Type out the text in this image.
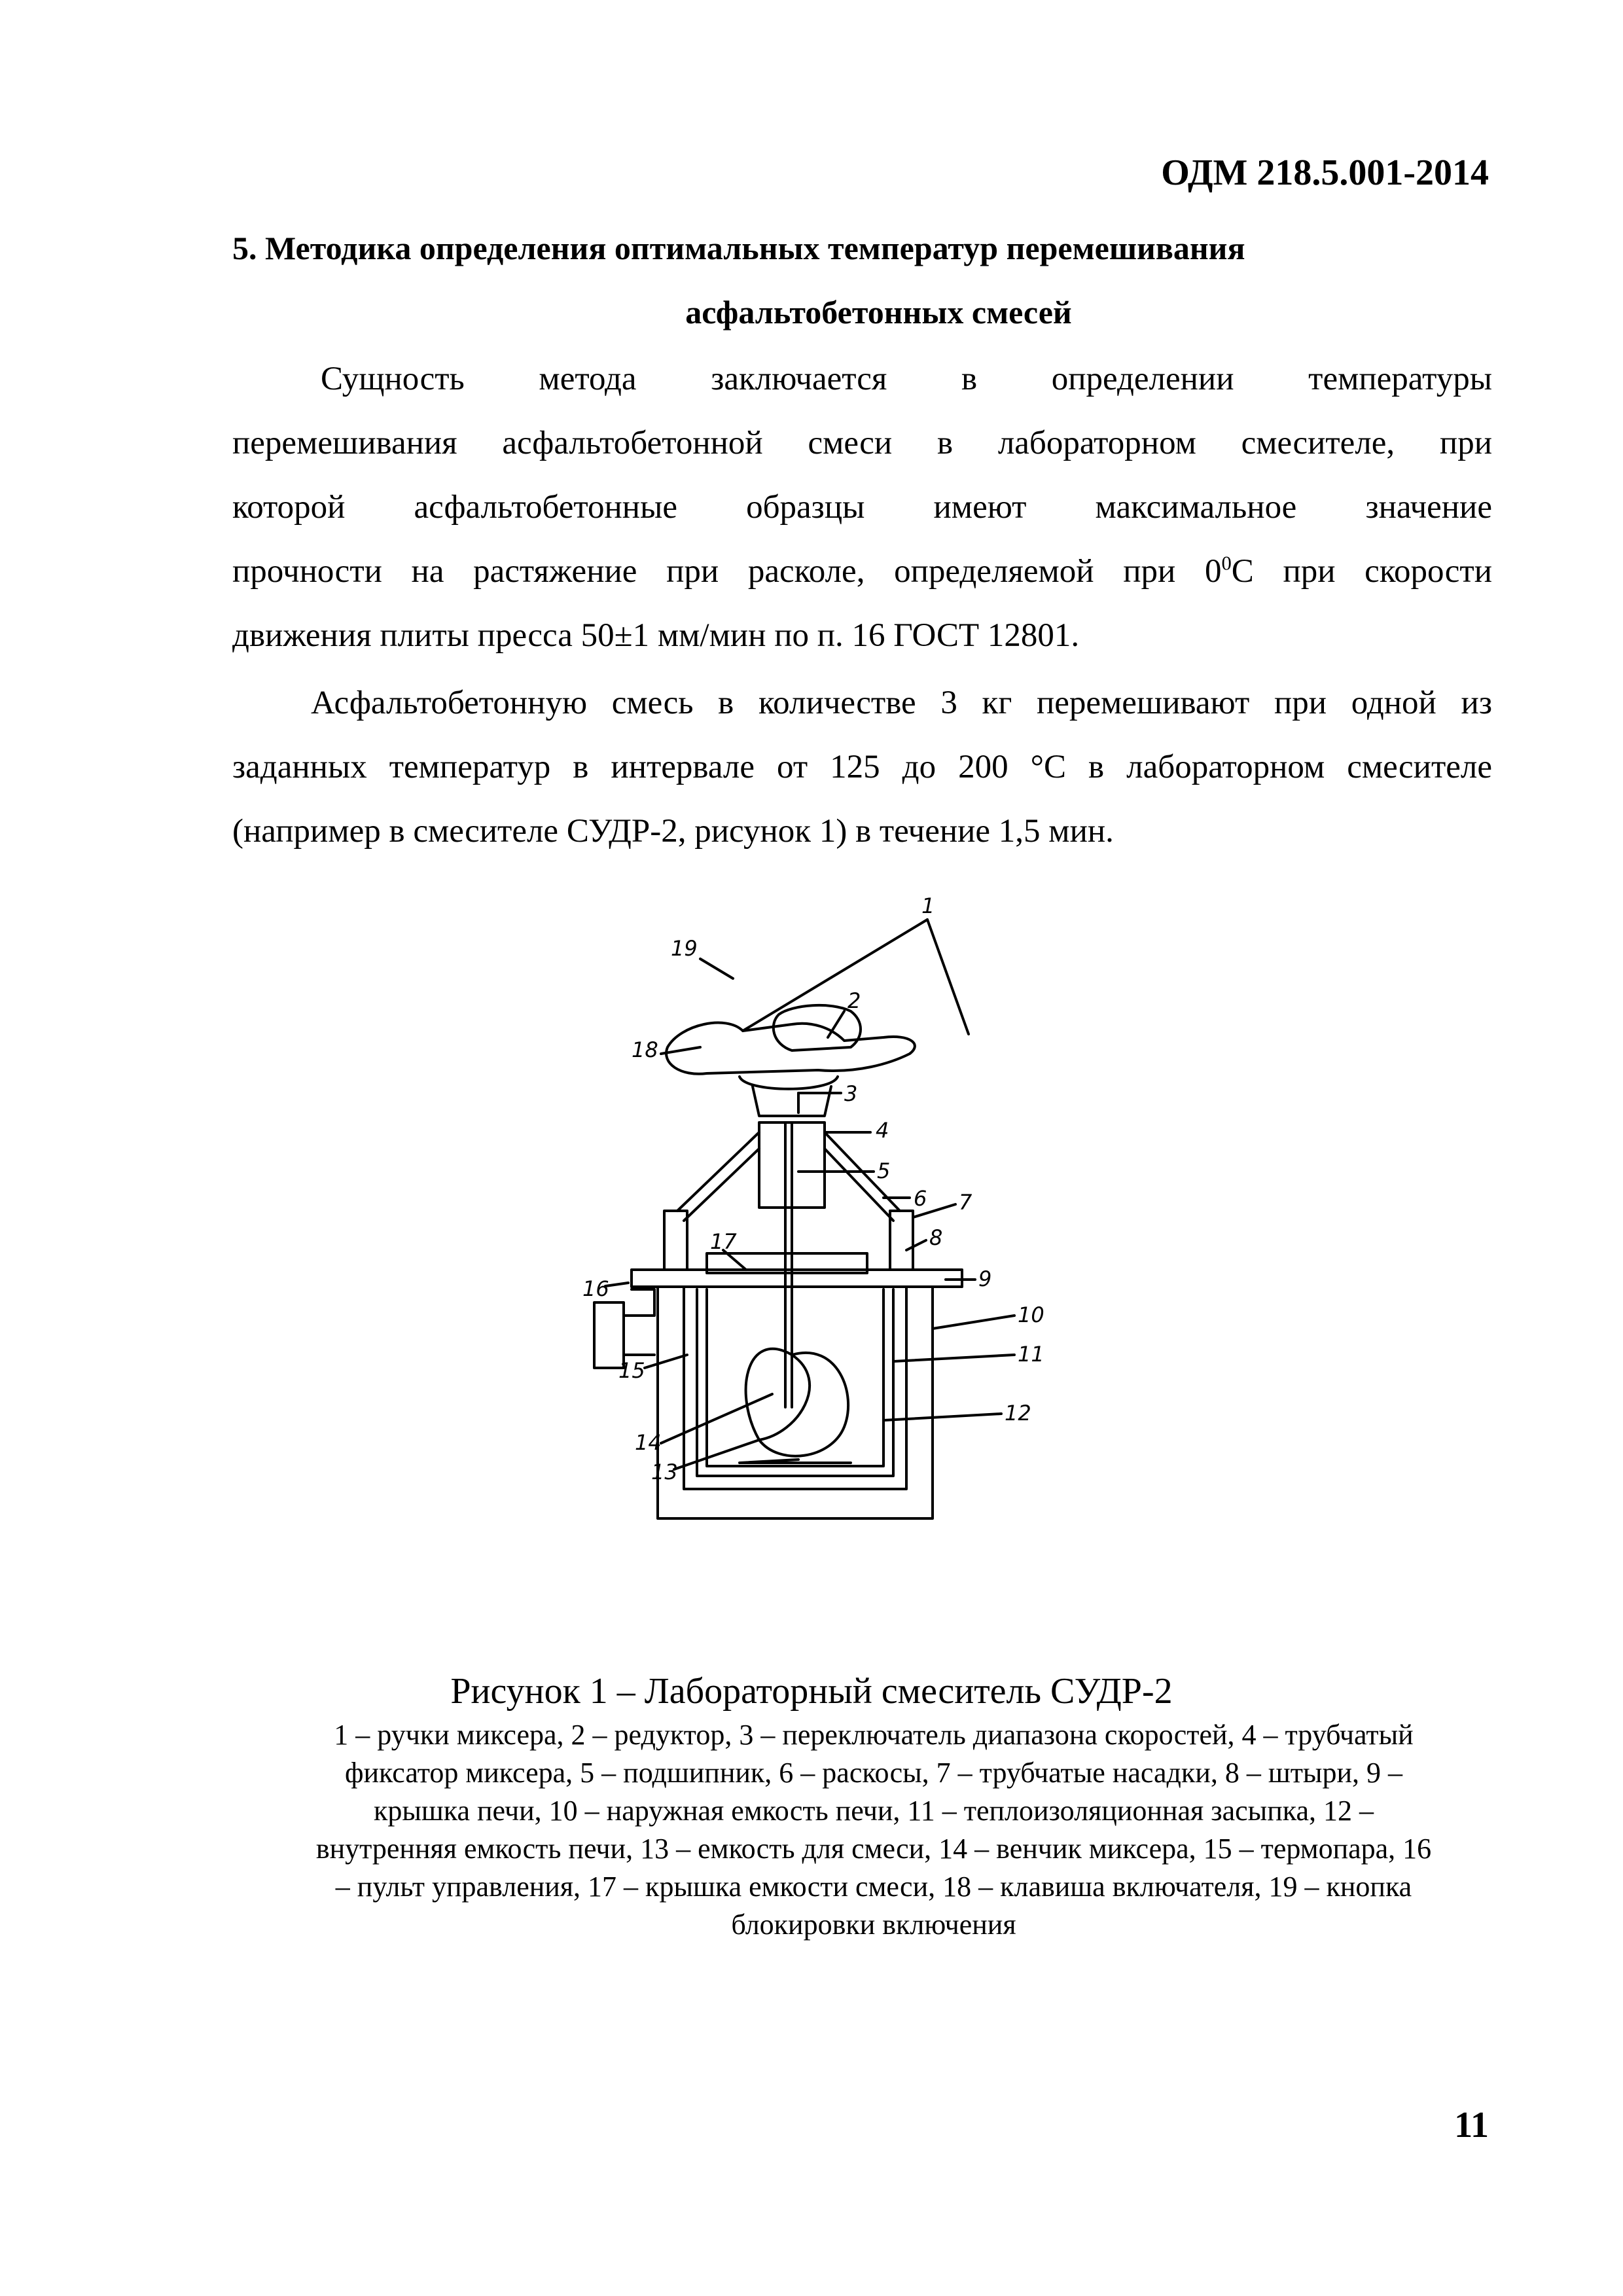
ОДМ 218.5.001-2014
5. Методика определения оптимальных температур перемешивания
асфальтобетонных смесей
Сущность метода заключается в определении температуры
перемешивания асфальтобетонной смеси в лабораторном смесителе, при
которой асфальтобетонные образцы имеют максимальное значение
прочности на растяжение при расколе, определяемой при $0^0С$ при скорости
движения плиты пресса 50±1 мм/мин по п. 16 ГОСТ 12801.
Асфальтобетонную смесь в количестве 3 кг перемешивают при одной из
заданных температур в интервале от 125 до 200 °С в лабораторном смесителе
(например в смесителе СУДР-2, рисунок 1) в течение 1,5 мин.
1
2
3
4
5
6 7
8
9
10
11
12
13
14
15
16
17
18
19
Рисунок 1 – Лабораторный смеситель СУДР-2
1 – ручки миксера, 2 – редуктор, 3 – переключатель диапазона скоростей, 4 – трубчатый
фиксатор миксера, 5 – подшипник, 6 – раскосы, 7 – трубчатые насадки, 8 – штыри, 9 –
крышка печи, 10 – наружная емкость печи, 11 – теплоизоляционная засыпка, 12 –
внутренняя емкость печи, 13 – емкость для смеси, 14 – венчик миксера, 15 – термопара, 16
– пульт управления, 17 – крышка емкости смеси, 18 – клавиша включателя, 19 – кнопка
блокировки включения
11
